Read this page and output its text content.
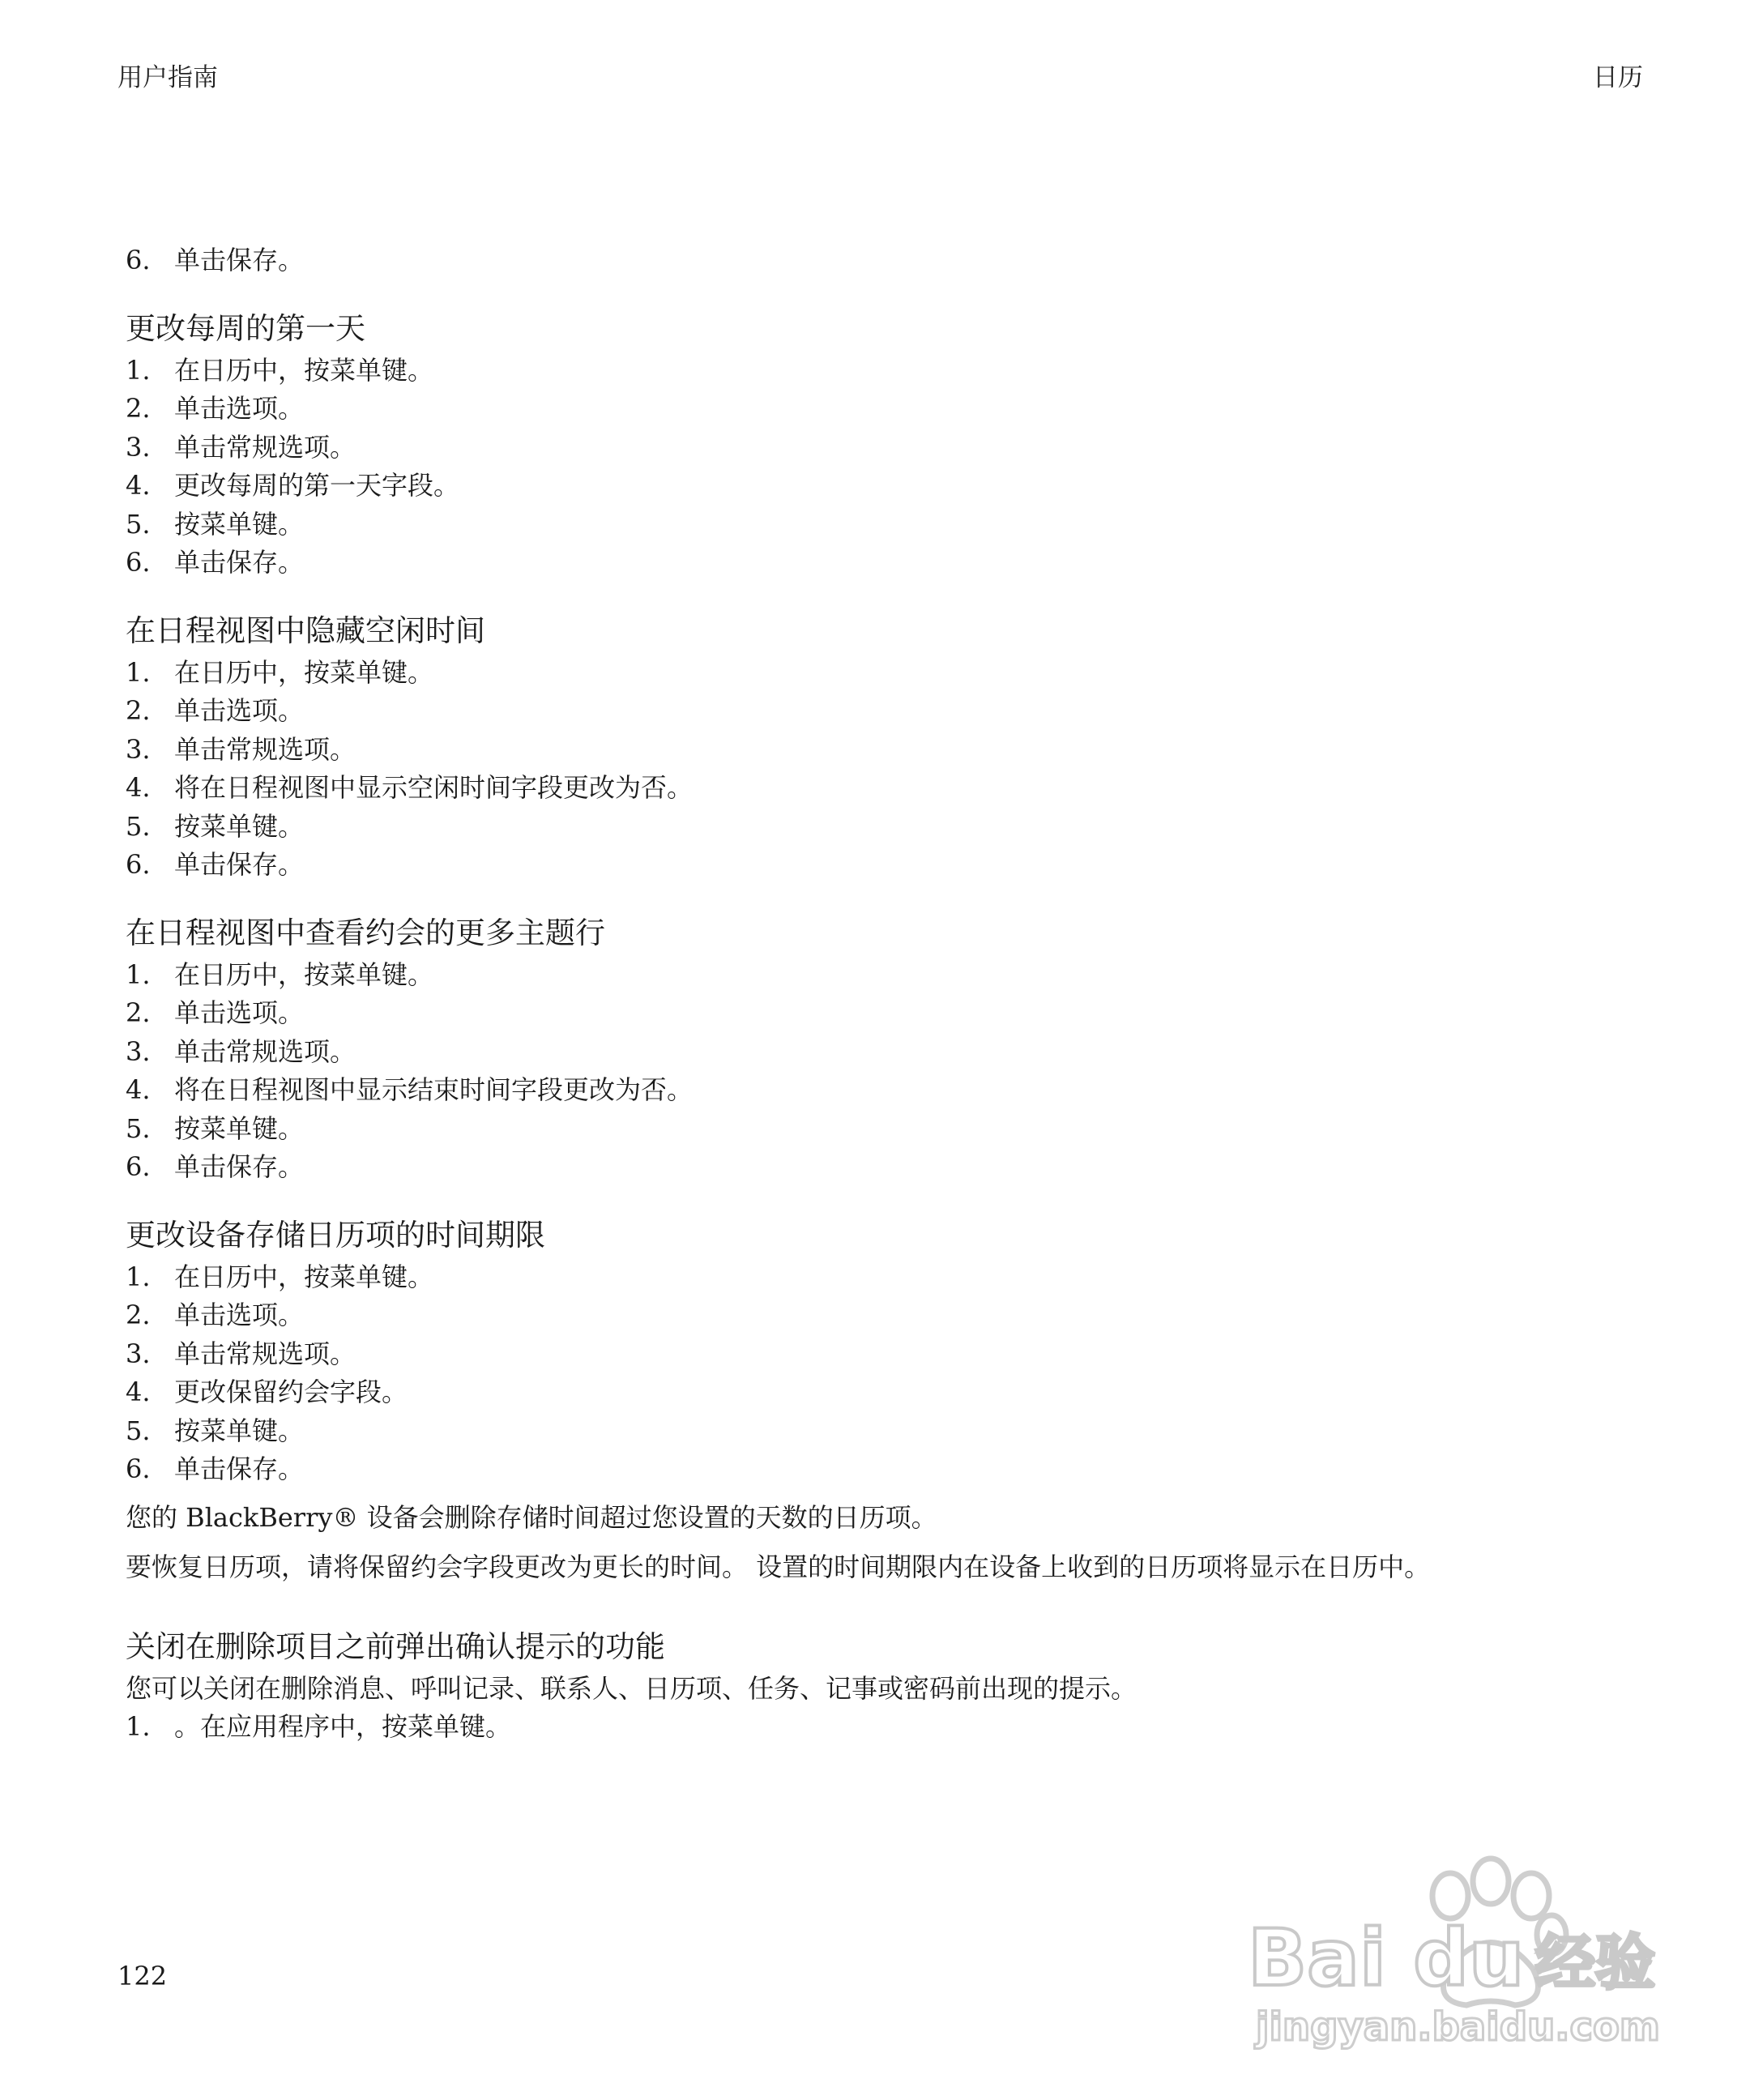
用户指南	日历
6. 单击保存。
更改每周的第一天
1. 在日历中，按菜单键。
2. 单击选项。
3. 单击常规选项。
4. 更改每周的第一天字段。
5. 按菜单键。
6. 单击保存。
在日程视图中隐藏空闲时间
1. 在日历中，按菜单键。
2. 单击选项。
3. 单击常规选项。
4. 将在日程视图中显示空闲时间字段更改为否。
5. 按菜单键。
6. 单击保存。
在日程视图中查看约会的更多主题行
1. 在日历中，按菜单键。
2. 单击选项。
3. 单击常规选项。
4. 将在日程视图中显示结束时间字段更改为否。
5. 按菜单键。
6. 单击保存。
更改设备存储日历项的时间期限
1. 在日历中，按菜单键。
2. 单击选项。
3. 单击常规选项。
4. 更改保留约会字段。
5. 按菜单键。
6. 单击保存。
您的 BlackBerry® 设备会删除存储时间超过您设置的天数的日历项。
要恢复日历项，请将保留约会字段更改为更长的时间。 设置的时间期限内在设备上收到的日历项将显示在日历中。
关闭在删除项目之前弹出确认提示的功能
您可以关闭在删除消息、呼叫记录、联系人、日历项、任务、记事或密码前出现的提示。
1. 。在应用程序中，按菜单键。
122	Bai du 经验
jingyan.baidu.com
